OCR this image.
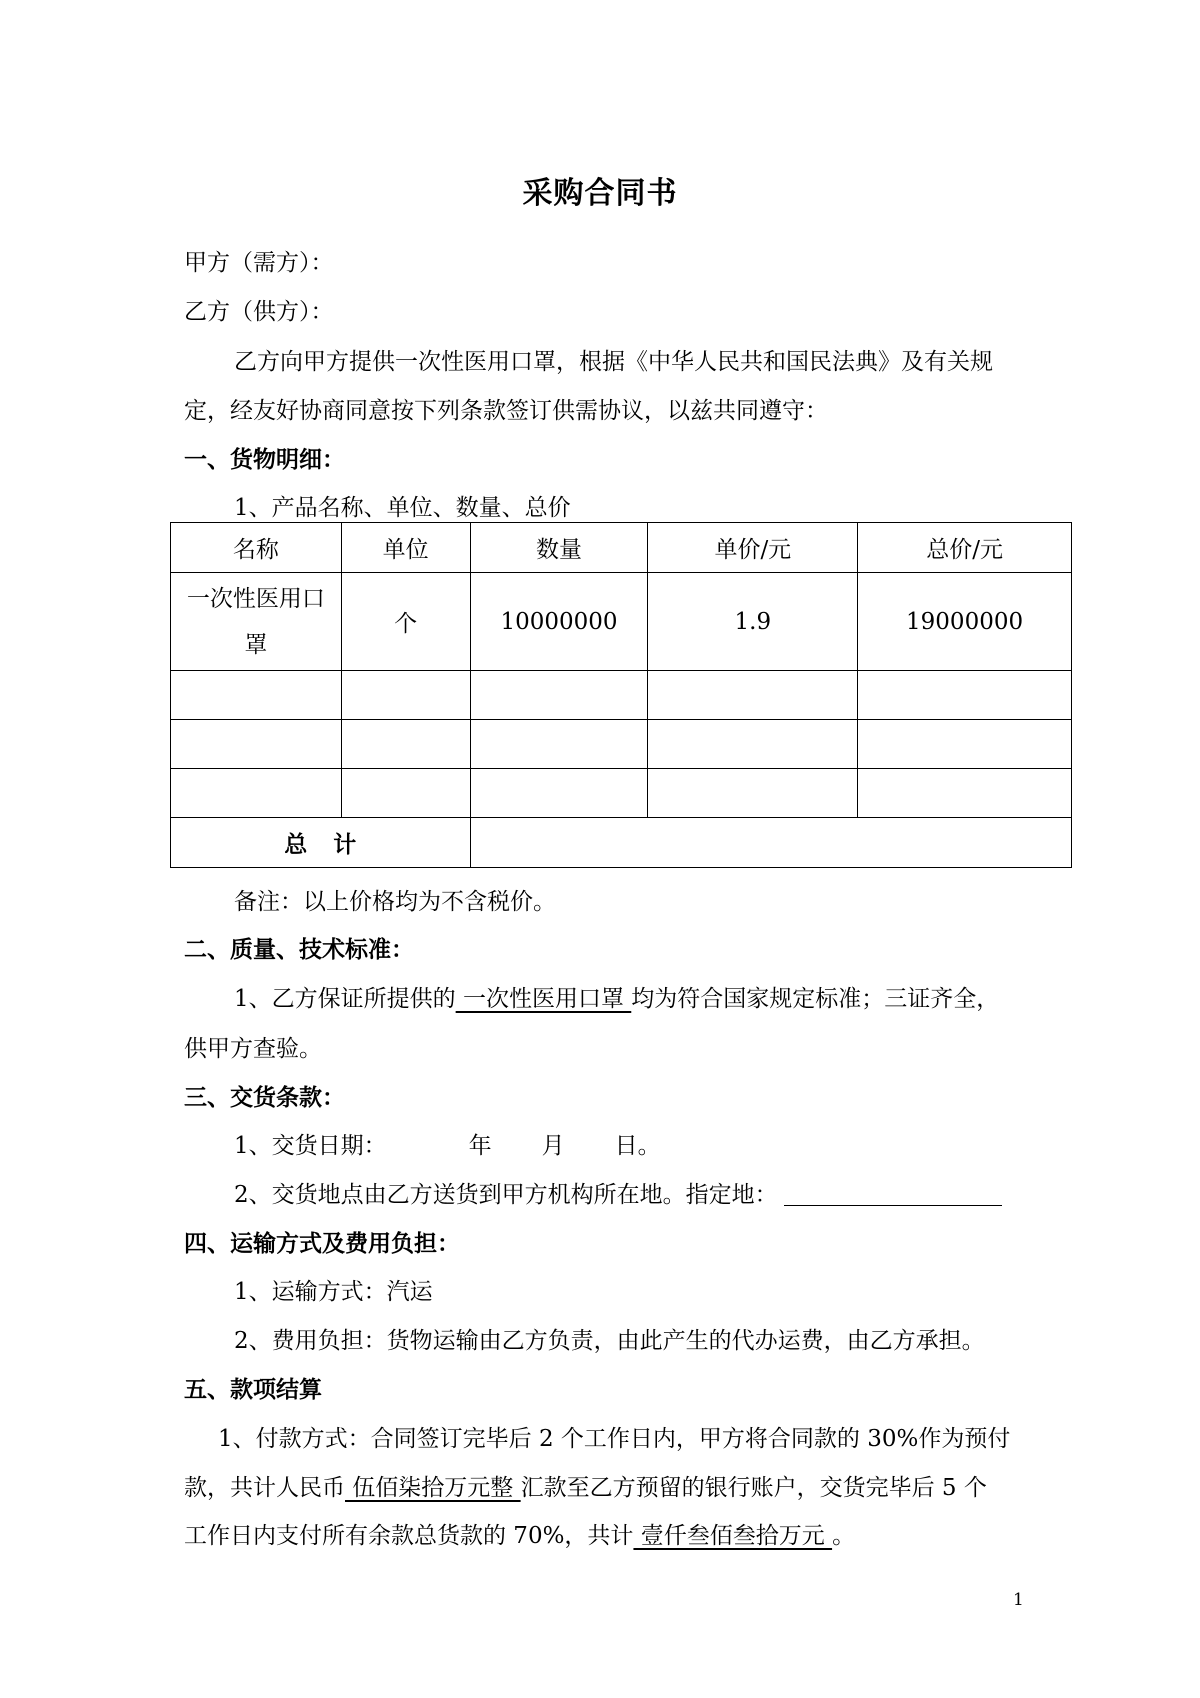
采购合同书
甲方（需方）：
乙方（供方）：
乙方向甲方提供一次性医用口罩，根据《中华人民共和国民法典》及有关规
定，经友好协商同意按下列条款签订供需协议，以兹共同遵守：
一、货物明细：
1、产品名称、单位、数量、总价
名称	单位	数量	单价/元	总价/元

一次性医用口
罩	个	10000000	1.9	19000000

总计				
备注：以上价格均为不含税价。
二、质量、技术标准：
1、乙方保证所提供的 一次性医用口罩 均为符合国家规定标准；三证齐全，
供甲方查验。
三、交货条款：
1、交货日期：	年 月 日。
2、交货地点由乙方送货到甲方机构所在地。指定地：
四、运输方式及费用负担：
1、运输方式：汽运
2、费用负担：货物运输由乙方负责，由此产生的代办运费，由乙方承担。
五、款项结算
1、付款方式：合同签订完毕后 2 个工作日内，甲方将合同款的 30%作为预付
款，共计人民币 伍佰柒拾万元整 汇款至乙方预留的银行账户，交货完毕后 5 个
工作日内支付所有余款总货款的 70%，共计 壹仟叁佰叁拾万元 。
1
